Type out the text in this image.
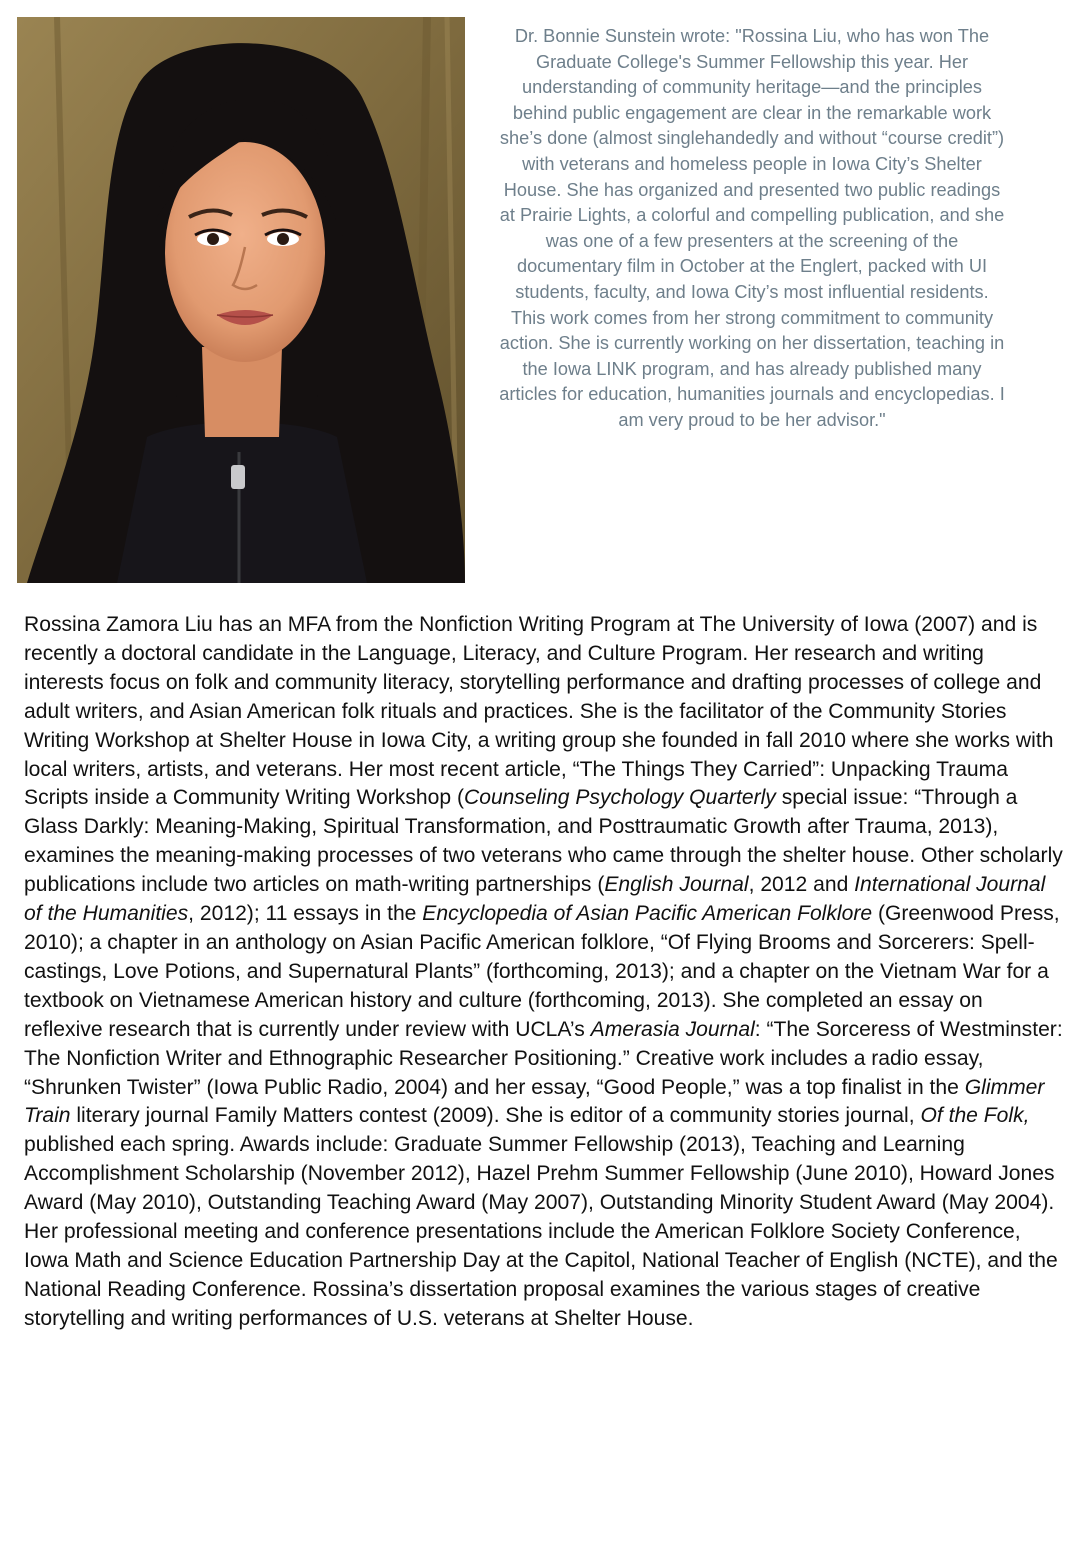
Dr. Bonnie Sunstein wrote: "Rossina Liu, who has won The Graduate College's Summer Fellowship this year. Her understanding of community heritage—and the principles behind public engagement are clear in the remarkable work she’s done (almost singlehandedly and without “course credit”) with veterans and homeless people in Iowa City’s Shelter House. She has organized and presented two public readings at Prairie Lights, a colorful and compelling publication, and she was one of a few presenters at the screening of the documentary film in October at the Englert, packed with UI students, faculty, and Iowa City’s most influential residents. This work comes from her strong commitment to community action. She is currently working on her dissertation, teaching in the Iowa LINK program, and has already published many articles for education, humanities journals and encyclopedias. I am very proud to be her advisor."
Rossina Zamora Liu has an MFA from the Nonfiction Writing Program at The University of Iowa (2007) and is recently a doctoral candidate in the Language, Literacy, and Culture Program. Her research and writing interests focus on folk and community literacy, storytelling performance and drafting processes of college and adult writers, and Asian American folk rituals and practices. She is the facilitator of the Community Stories Writing Workshop at Shelter House in Iowa City, a writing group she founded in fall 2010 where she works with local writers, artists, and veterans. Her most recent article, “The Things They Carried”: Unpacking Trauma Scripts inside a Community Writing Workshop (Counseling Psychology Quarterly special issue: “Through a Glass Darkly: Meaning-Making, Spiritual Transformation, and Posttraumatic Growth after Trauma, 2013), examines the meaning-making processes of two veterans who came through the shelter house. Other scholarly publications include two articles on math-writing partnerships (English Journal, 2012 and International Journal of the Humanities, 2012); 11 essays in the Encyclopedia of Asian Pacific American Folklore (Greenwood Press, 2010); a chapter in an anthology on Asian Pacific American folklore, “Of Flying Brooms and Sorcerers: Spell-castings, Love Potions, and Supernatural Plants” (forthcoming, 2013); and a chapter on the Vietnam War for a textbook on Vietnamese American history and culture (forthcoming, 2013). She completed an essay on reflexive research that is currently under review with UCLA’s Amerasia Journal: “The Sorceress of Westminster: The Nonfiction Writer and Ethnographic Researcher Positioning.” Creative work includes a radio essay, “Shrunken Twister” (Iowa Public Radio, 2004) and her essay, “Good People,” was a top finalist in the Glimmer Train literary journal Family Matters contest (2009). She is editor of a community stories journal, Of the Folk, published each spring. Awards include: Graduate Summer Fellowship (2013), Teaching and Learning Accomplishment Scholarship (November 2012), Hazel Prehm Summer Fellowship (June 2010), Howard Jones Award (May 2010), Outstanding Teaching Award (May 2007), Outstanding Minority Student Award (May 2004). Her professional meeting and conference presentations include the American Folklore Society Conference, Iowa Math and Science Education Partnership Day at the Capitol, National Teacher of English (NCTE), and the National Reading Conference. Rossina’s dissertation proposal examines the various stages of creative storytelling and writing performances of U.S. veterans at Shelter House.
